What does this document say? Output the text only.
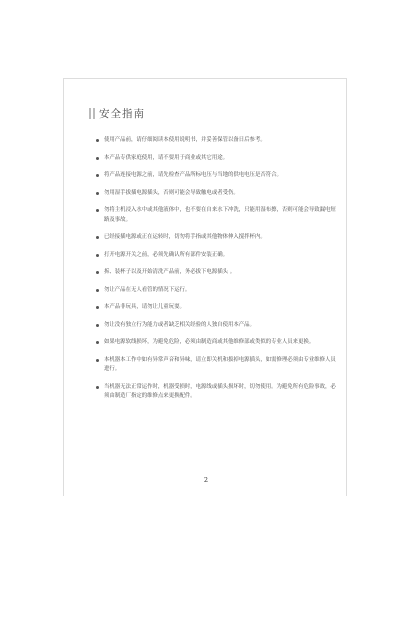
安全指南
使用产品前，请仔细阅读本使用说明书，并妥善保管以备日后参考。
本产品专供家庭使用，请不要用于商业或其它用途。
将产品连接电源之前，请先检查产品所标电压与当地的供电电压是否符合。
勿用湿手拔插电源插头，否则可能会导致触电或者受伤。
勿将主机浸入水中或其他液体中，也不要在自来水下冲洗，只能用湿布擦，否则可能会导致漏电短路及事故。
已经接插电源或正在运转时，切勿将手指或其他物体伸入搅拌杯内。
打开电源开关之前，必须先确认所有部件安装正确。
拆、装杯子以及开始清洗产品前，务必拔下电源插头 。
勿让产品在无人看管的情况下运行。
本产品非玩具，请勿让儿童玩耍。
勿让没有独立行为能力或者缺乏相关经验的人独自使用本产品。
如果电源软线损坏，为避免危险，必须由制造商或其他维修部或类似的专业人员来更换。
本机器本工作中如有异常声音和异味，请立即关机和拔掉电源插头，如需修理必须由专业维修人员进行。
当机器无法正常运作时，机器受损时，电源线或插头损坏时，切勿使用。为避免所有危险事故，必须由制造厂指定的维修点来更换配件。
2
